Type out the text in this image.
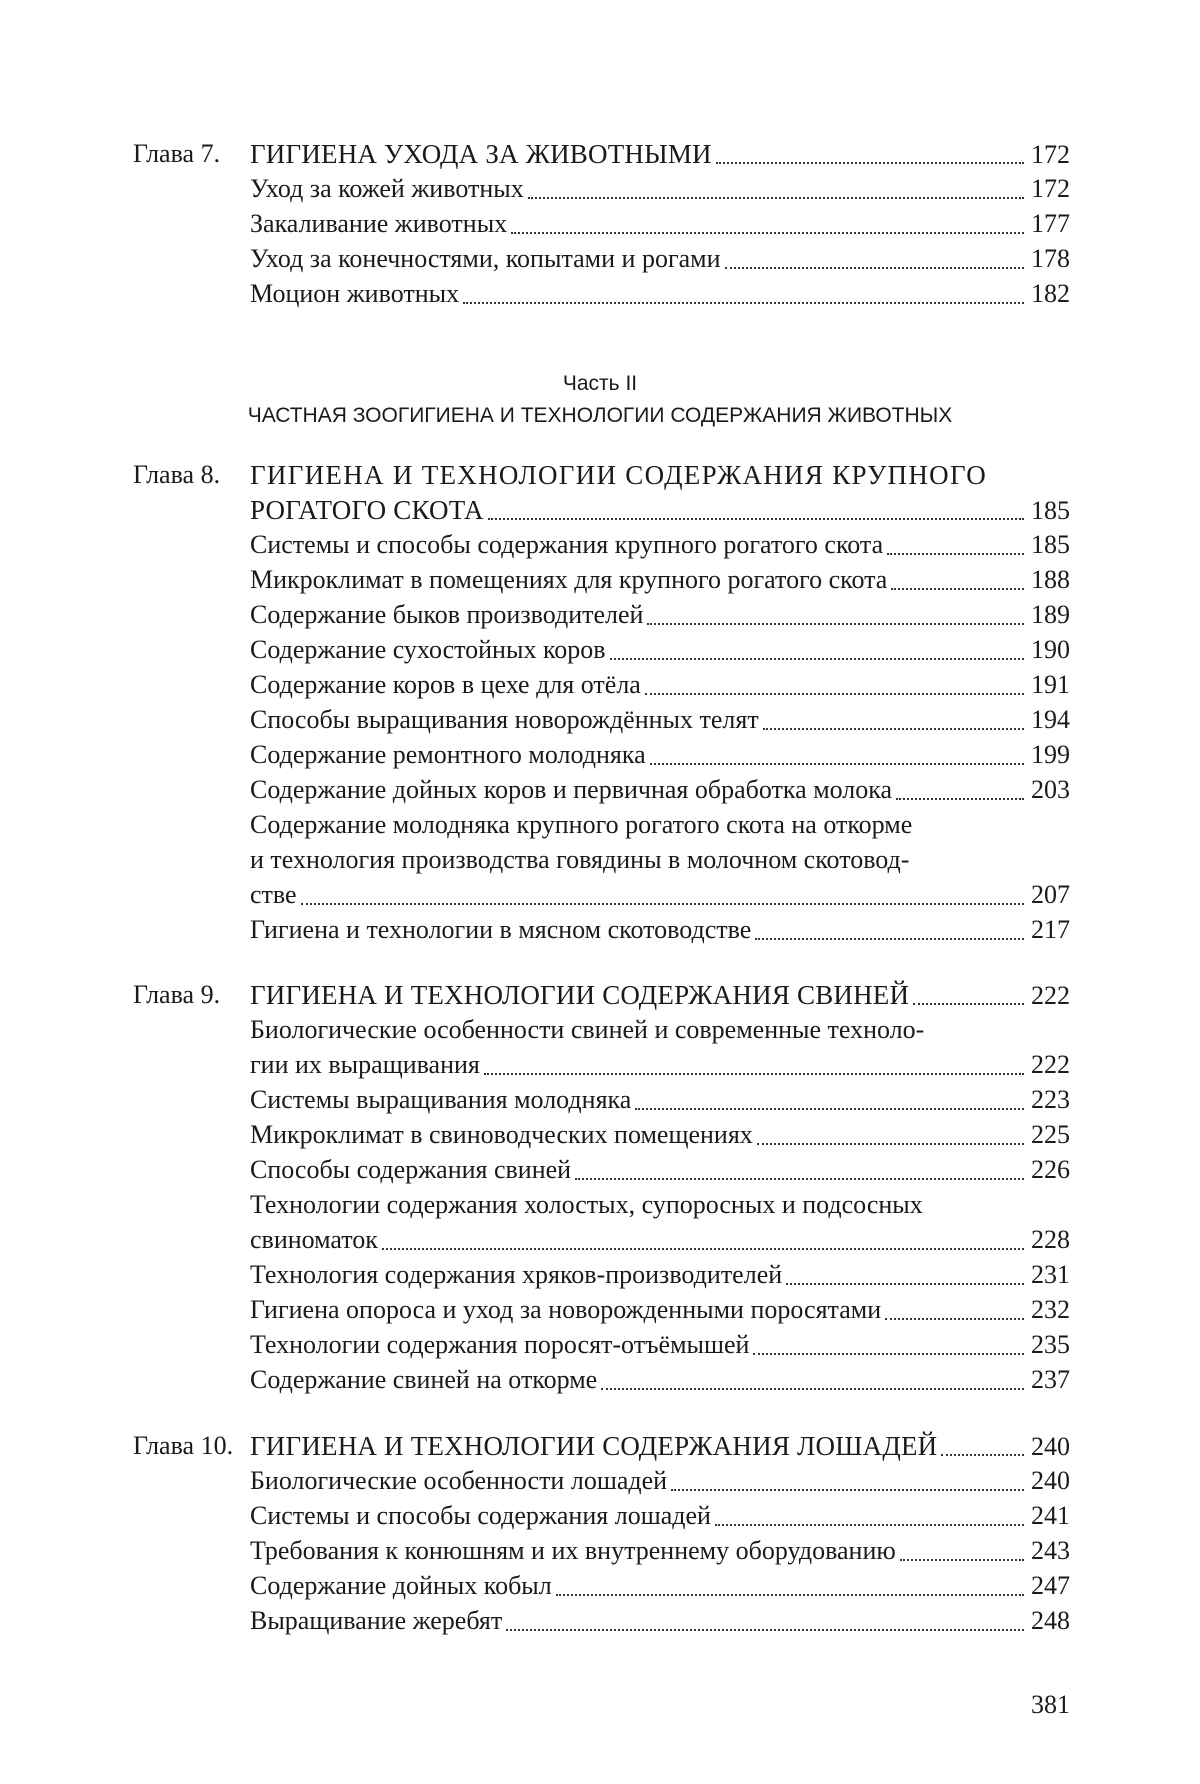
Глава 7. ГИГИЕНА УХОДА ЗА ЖИВОТНЫМИ	172
Уход за кожей животных	172
Закаливание животных	177
Уход за конечностями, копытами и рогами	178
Моцион животных	182
Часть II
ЧАСТНАЯ ЗООГИГИЕНА И ТЕХНОЛОГИИ СОДЕРЖАНИЯ ЖИВОТНЫХ
Глава 8. ГИГИЕНА И ТЕХНОЛОГИИ СОДЕРЖАНИЯ КРУПНОГО
РОГАТОГО СКОТА	185
Системы и способы содержания крупного рогатого скота	185
Микроклимат в помещениях для крупного рогатого скота	188
Содержание быков производителей	189
Содержание сухостойных коров	190
Содержание коров в цехе для отёла	191
Способы выращивания новорождённых телят	194
Содержание ремонтного молодняка	199
Содержание дойных коров и первичная обработка молока	203
Содержание молодняка крупного рогатого скота на откорме
и технология производства говядины в молочном скотовод-
стве	207
Гигиена и технологии в мясном скотоводстве	217
Глава 9. ГИГИЕНА И ТЕХНОЛОГИИ СОДЕРЖАНИЯ СВИНЕЙ	222
Биологические особенности свиней и современные техноло-
гии их выращивания	222
Системы выращивания молодняка	223
Микроклимат в свиноводческих помещениях	225
Способы содержания свиней	226
Технологии содержания холостых, супоросных и подсосных
свиноматок	228
Технология содержания хряков-производителей	231
Гигиена опороса и уход за новорожденными поросятами	232
Технологии содержания поросят-отъёмышей	235
Содержание свиней на откорме	237
Глава 10. ГИГИЕНА И ТЕХНОЛОГИИ СОДЕРЖАНИЯ ЛОШАДЕЙ	240
Биологические особенности лошадей	240
Системы и способы содержания лошадей	241
Требования к конюшням и их внутреннему оборудованию	243
Содержание дойных кобыл	247
Выращивание жеребят	248
381
